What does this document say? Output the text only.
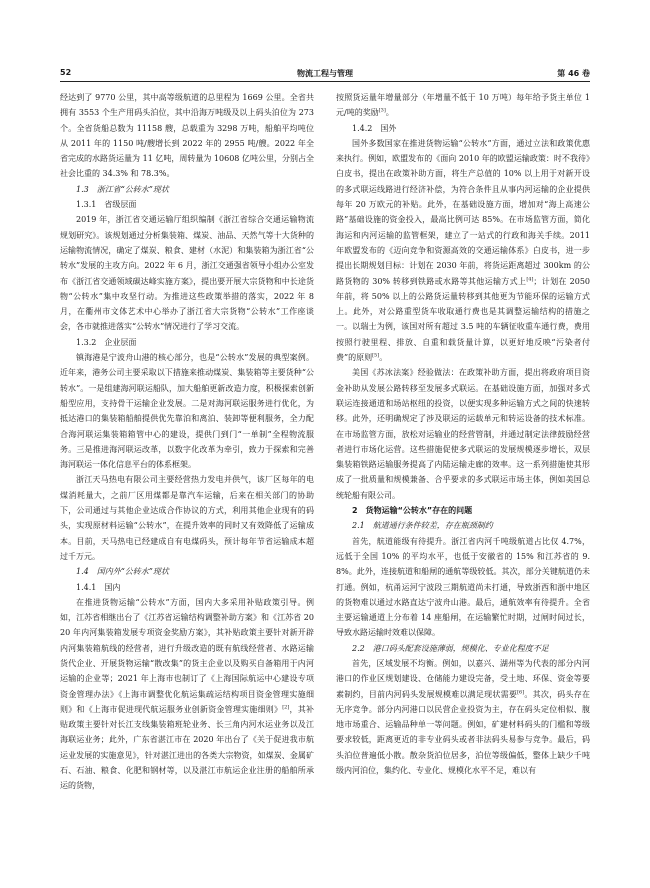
52	物流工程与管理	第 46 卷

经达到了 9770 公里，其中高等级航道的总里程为 1669 公里。全省共拥有 3553 个生产用码头泊位，其中沿海万吨级及以上码头泊位为 273 个。全省货船总数为 11158 艘，总载重为 3298 万吨，船舶平均吨位从 2011 年的 1150 吨/艘增长到 2022 年的 2955 吨/艘。2022 年全省完成的水路货运量为 11 亿吨，周转量为 10608 亿吨公里，分别占全社会比重的 34.3% 和 78.3%。

1.3　浙江省“公转水”现状

1.3.1　省级层面

2019 年，浙江省交通运输厅组织编制《浙江省综合交通运输物流规划研究》。该规划通过分析集装箱、煤炭、油品、天然气等十大货种的运输物流情况，确定了煤炭、粮食、建材（水泥）和集装箱为浙江省“公转水”发展的主攻方向。2022 年 6 月，浙江交通强省领导小组办公室发布《浙江省交通领域碳达峰实施方案》，提出要开展大宗货物和中长途货物“公转水”集中攻坚行动。为推进这些政策举措的落实，2022 年 8 月，在衢州市文体艺术中心举办了浙江省大宗货物“公转水”工作座谈会，各市就推进落实“公转水”情况进行了学习交流。

1.3.2　企业层面

镇海港是宁波舟山港的核心部分，也是“公转水”发展的典型案例。近年来，港务公司主要采取以下措施来推动煤炭、集装箱等主要货种“公转水”。一是组建海河联运船队，加大船舶更新改造力度，积极探索创新船型应用，支持骨干运输企业发展。二是对海河联运服务进行优化，为抵达港口的集装箱船舶提供优先靠泊和离泊、装卸等便利服务，全力配合海河联运集装箱箱管中心的建设，提供门到门“一单制”全程物流服务。三是推进海河联运改革，以数字化改革为牵引，致力于探索和完善海河联运一体化信息平台的体系框架。

浙江天马热电有限公司主要经营热力发电并供气，该厂区每年的电煤消耗量大，之前厂区用煤都是靠汽车运输，后来在相关部门的协助下，公司通过与其他企业达成合作协议的方式，利用其他企业现有的码头，实现原材料运输“公转水”，在提升效率的同时又有效降低了运输成本。目前，天马热电已经建成自有电煤码头，预计每年节省运输成本超过千万元。

1.4　国内外“公转水”现状

1.4.1　国内

在推进货物运输“公转水”方面，国内大多采用补贴政策引导。例如，江苏省相继出台了《江苏省运输结构调整补助方案》和《江苏省 2020 年内河集装箱发展专项资金奖励方案》，其补贴政策主要针对新开辟内河集装箱航线的经营者，进行升级改造的既有航线经营者、水路运输货代企业、开展货物运输“散改集”的货主企业以及购买自备箱用于内河运输的企业等；2021 年上海市也制订了《上海国际航运中心建设专项资金管理办法》《上海市调整优化航运集疏运结构项目资金管理实施细则》和《上海市促进现代航运服务业创新资金管理实施细则》[2]，其补贴政策主要针对长江支线集装箱班轮业务、长三角内河水运业务以及江海联运业务；此外，广东省湛江市在 2020 年出台了《关于促进我市航运业发展的实施意见》，针对湛江进出的各类大宗物资，如煤炭、金属矿石、石油、粮食、化肥和钢材等，以及湛江市航运企业注册的船舶所承运的货物，

按照货运量年增量部分（年增量不低于 10 万吨）每年给予货主单位 1 元/吨的奖励[3]。

1.4.2　国外

国外多数国家在推进货物运输“公转水”方面，通过立法和政策优惠来执行。例如，欧盟发布的《面向 2010 年的欧盟运输政策：时不我待》白皮书，提出在政策补助方面，将生产总值的 10% 以上用于对新开设的多式联运线路进行经济补偿，为符合条件且从事内河运输的企业提供每年 20 万欧元的补贴。此外，在基础设施方面，增加对“海上高速公路”基础设施的资金投入，最高比例可达 85%。在市场监管方面，简化海运和内河运输的监管框架，建立了一站式的行政和海关手续。2011 年欧盟发布的《迈向竞争和资源高效的交通运输体系》白皮书，进一步提出长期规划目标：计划在 2030 年前，将货运距离超过 300km 的公路货物的 30% 转移到铁路或水路等其他运输方式上[4]；计划在 2050 年前，将 50% 以上的公路货运量转移到其他更为节能环保的运输方式上。此外，对公路重型货车收取通行费也是其调整运输结构的措施之一。以瑞士为例，该国对所有超过 3.5 吨的车辆征收重车通行费，费用按照行驶里程、排放、自重和载货量计算，以更好地反映“污染者付费”的原则[5]。

美国《苏冰法案》经验做法：在政策补助方面，提出将政府项目资金补助从发展公路转移至发展多式联运。在基础设施方面，加强对多式联运连接通道和场站枢纽的投资，以便实现多种运输方式之间的快速转移。此外，还明确规定了涉及联运的运载单元和转运设备的技术标准。在市场监管方面，放松对运输业的经营管制，并通过制定法律鼓励经营者进行市场化运营。这些措施促使多式联运的发展规模逐步增长，双层集装箱铁路运输服务提高了内陆运输走廊的效率。这一系列措施使其形成了一批质量和规模兼备、合乎要求的多式联运市场主体，例如美国总统轮船有限公司。

2　货物运输“公转水”存在的问题

2.1　航道通行条件较差，存在瓶颈制约

首先，航道能级有待提升。浙江省内河千吨级航道占比仅 4.7%，远低于全国 10% 的平均水平，也低于安徽省的 15% 和江苏省的 9.8%。此外，连接航道和船闸的通航等级较低。其次，部分关键航道仍未打通。例如，杭甬运河宁波段三期航道尚未打通，导致浙西和浙中地区的货物难以通过水路直达宁波舟山港。最后，通航效率有待提升。全省主要运输通道上分布着 14 座船闸，在运输繁忙时期，过闸时间过长，导致水路运输时效难以保障。

2.2　港口码头配套设施薄弱，规模化、专业化程度不足

首先，区域发展不均衡。例如，以嘉兴、湖州等为代表的部分内河港口的作业区规划建设、仓储能力建设完备，受土地、环保、资金等要素制约，目前内河码头发展规模难以满足现状需要[6]。其次，码头存在无序竞争。部分内河港口以民营企业投资为主，存在码头定位相似、腹地市场重合、运输品种单一等问题。例如，矿建材料码头的门槛和等级要求较低，距离更近的非专业码头或者非法码头易参与竞争。最后，码头泊位普遍低小散。散杂货泊位居多，泊位等级偏低，整体上缺少千吨级内河泊位，集约化、专业化、规模化水平不足，难以有
